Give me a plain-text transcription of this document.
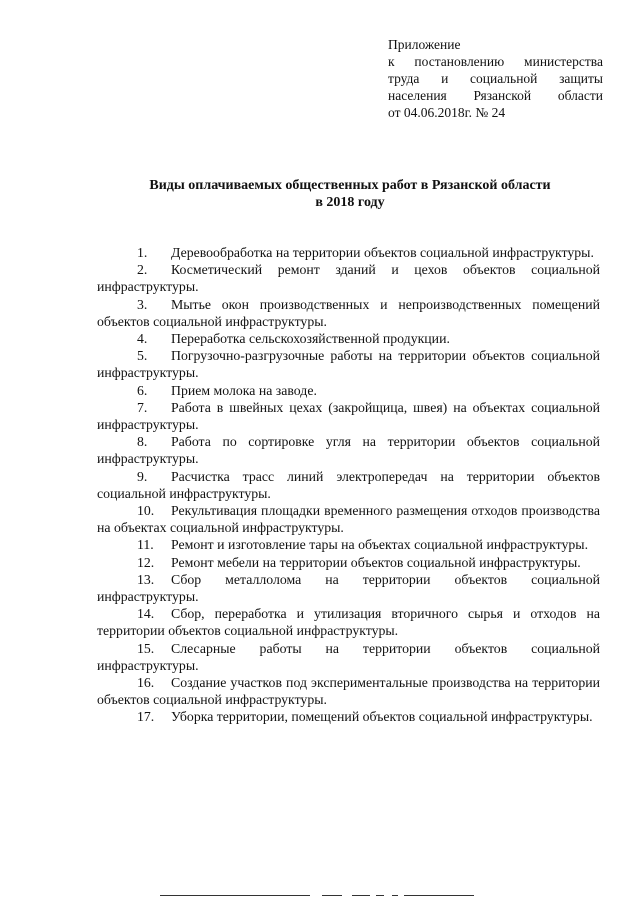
Приложение
к постановлению министерства
труда и социальной защиты
населения Рязанской области
от 04.06.2018г. № 24
Виды оплачиваемых общественных работ в Рязанской области
в 2018 году

1. Деревообработка на территории объектов социальной инфраструктуры.

2. Косметический ремонт зданий и цехов объектов социальной инфраструктуры.

3. Мытье окон производственных и непроизводственных помещений объектов социальной инфраструктуры.

4. Переработка сельскохозяйственной продукции.

5. Погрузочно-разгрузочные работы на территории объектов социальной инфраструктуры.

6. Прием молока на заводе.

7. Работа в швейных цехах (закройщица, швея) на объектах социальной инфраструктуры.

8. Работа по сортировке угля на территории объектов социальной инфраструктуры.

9. Расчистка трасс линий электропередач на территории объектов социальной инфраструктуры.

10. Рекультивация площадки временного размещения отходов производства на объектах социальной инфраструктуры.

11. Ремонт и изготовление тары на объектах социальной инфраструктуры.

12. Ремонт мебели на территории объектов социальной инфраструктуры.

13. Сбор металлолома на территории объектов социальной инфраструктуры.

14. Сбор, переработка и утилизация вторичного сырья и отходов на территории объектов социальной инфраструктуры.

15. Слесарные работы на территории объектов социальной инфраструктуры.

16. Создание участков под экспериментальные производства на территории объектов социальной инфраструктуры.

17. Уборка территории, помещений объектов социальной инфраструктуры.
